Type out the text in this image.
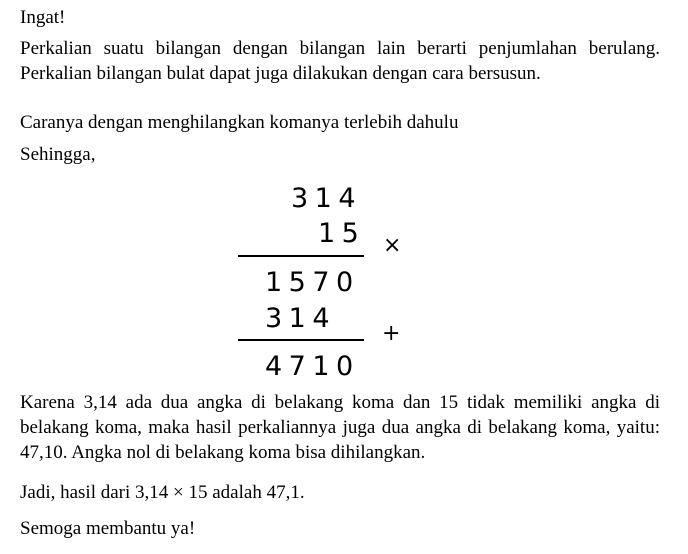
Ingat!

Perkalian suatu bilangan dengan bilangan lain berarti penjumlahan berulang. Perkalian bilangan bulat dapat juga dilakukan dengan cara bersusun.

Caranya dengan menghilangkan komanya terlebih dahulu

Sehingga,

314
15 ×
1570
314 +
4710

Karena 3,14 ada dua angka di belakang koma dan 15 tidak memiliki angka di belakang koma, maka hasil perkaliannya juga dua angka di belakang koma, yaitu: 47,10. Angka nol di belakang koma bisa dihilangkan.

Jadi, hasil dari 3,14 × 15 adalah 47,1.

Semoga membantu ya!
